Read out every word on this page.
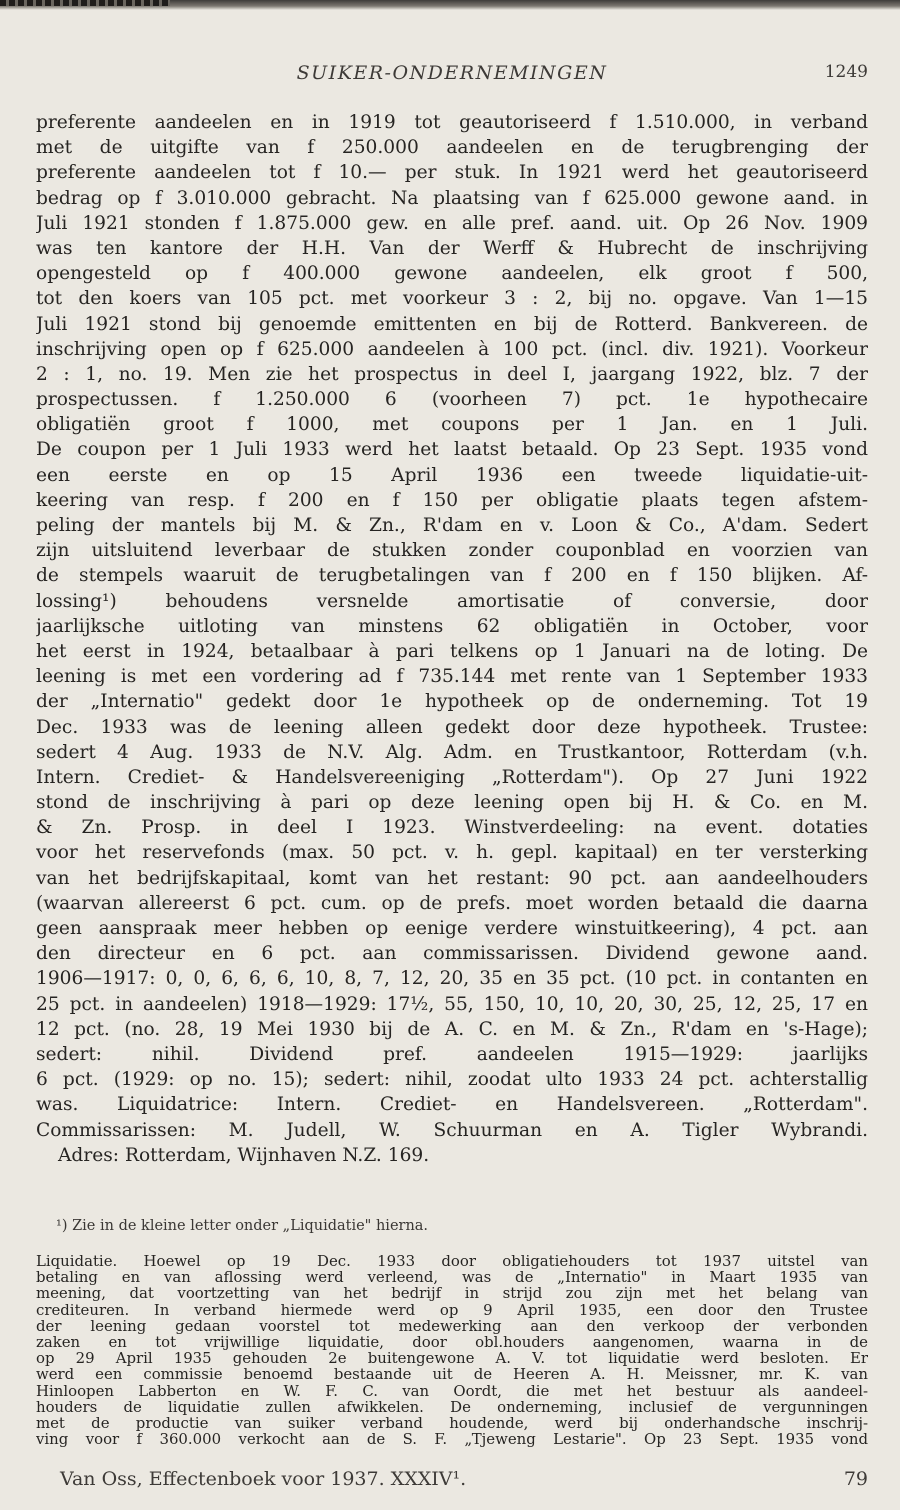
SUIKER-ONDERNEMINGEN	1249
preferente aandeelen en in 1919 tot geautoriseerd f 1.510.000, in verband
met de uitgifte van f 250.000 aandeelen en de terugbrenging der
preferente aandeelen tot f 10.— per stuk. In 1921 werd het geautoriseerd
bedrag op f 3.010.000 gebracht. Na plaatsing van f 625.000 gewone aand. in
Juli 1921 stonden f 1.875.000 gew. en alle pref. aand. uit. Op 26 Nov. 1909
was ten kantore der H.H. Van der Werff & Hubrecht de inschrijving
opengesteld op f 400.000 gewone aandeelen, elk groot f 500,
tot den koers van 105 pct. met voorkeur 3 : 2, bij no. opgave. Van 1—15
Juli 1921 stond bij genoemde emittenten en bij de Rotterd. Bankvereen. de
inschrijving open op f 625.000 aandeelen à 100 pct. (incl. div. 1921). Voorkeur
2 : 1, no. 19. Men zie het prospectus in deel I, jaargang 1922, blz. 7 der
prospectussen. f 1.250.000 6 (voorheen 7) pct. 1e hypothecaire
obligatiën groot f 1000, met coupons per 1 Jan. en 1 Juli.
De coupon per 1 Juli 1933 werd het laatst betaald. Op 23 Sept. 1935 vond
een eerste en op 15 April 1936 een tweede liquidatie-uit-
keering van resp. f 200 en f 150 per obligatie plaats tegen afstem-
peling der mantels bij M. & Zn., R'dam en v. Loon & Co., A'dam. Sedert
zijn uitsluitend leverbaar de stukken zonder couponblad en voorzien van
de stempels waaruit de terugbetalingen van f 200 en f 150 blijken. Af-
lossing¹) behoudens versnelde amortisatie of conversie, door
jaarlijksche uitloting van minstens 62 obligatiën in October, voor
het eerst in 1924, betaalbaar à pari telkens op 1 Januari na de loting. De
leening is met een vordering ad f 735.144 met rente van 1 September 1933
der „Internatio" gedekt door 1e hypotheek op de onderneming. Tot 19
Dec. 1933 was de leening alleen gedekt door deze hypotheek. Trustee:
sedert 4 Aug. 1933 de N.V. Alg. Adm. en Trustkantoor, Rotterdam (v.h.
Intern. Crediet- & Handelsvereeniging „Rotterdam"). Op 27 Juni 1922
stond de inschrijving à pari op deze leening open bij H. & Co. en M.
& Zn. Prosp. in deel I 1923. Winstverdeeling: na event. dotaties
voor het reservefonds (max. 50 pct. v. h. gepl. kapitaal) en ter versterking
van het bedrijfskapitaal, komt van het restant: 90 pct. aan aandeelhouders
(waarvan allereerst 6 pct. cum. op de prefs. moet worden betaald die daarna
geen aanspraak meer hebben op eenige verdere winstuitkeering), 4 pct. aan
den directeur en 6 pct. aan commissarissen. Dividend gewone aand.
1906—1917: 0, 0, 6, 6, 6, 10, 8, 7, 12, 20, 35 en 35 pct. (10 pct. in contanten en
25 pct. in aandeelen) 1918—1929: 17½, 55, 150, 10, 10, 20, 30, 25, 12, 25, 17 en
12 pct. (no. 28, 19 Mei 1930 bij de A. C. en M. & Zn., R'dam en 's-Hage);
sedert: nihil. Dividend pref. aandeelen 1915—1929: jaarlijks
6 pct. (1929: op no. 15); sedert: nihil, zoodat ulto 1933 24 pct. achterstallig
was. Liquidatrice: Intern. Crediet- en Handelsvereen. „Rotterdam".
Commissarissen: M. Judell, W. Schuurman en A. Tigler Wybrandi.
Adres: Rotterdam, Wijnhaven N.Z. 169.
¹) Zie in de kleine letter onder „Liquidatie" hierna.
Liquidatie. Hoewel op 19 Dec. 1933 door obligatiehouders tot 1937 uitstel van
betaling en van aflossing werd verleend, was de „Internatio" in Maart 1935 van
meening, dat voortzetting van het bedrijf in strijd zou zijn met het belang van
crediteuren. In verband hiermede werd op 9 April 1935, een door den Trustee
der leening gedaan voorstel tot medewerking aan den verkoop der verbonden
zaken en tot vrijwillige liquidatie, door obl.houders aangenomen, waarna in de
op 29 April 1935 gehouden 2e buitengewone A. V. tot liquidatie werd besloten. Er
werd een commissie benoemd bestaande uit de Heeren A. H. Meissner, mr. K. van
Hinloopen Labberton en W. F. C. van Oordt, die met het bestuur als aandeel-
houders de liquidatie zullen afwikkelen. De onderneming, inclusief de vergunningen
met de productie van suiker verband houdende, werd bij onderhandsche inschrij-
ving voor f 360.000 verkocht aan de S. F. „Tjeweng Lestarie". Op 23 Sept. 1935 vond
Van Oss, Effectenboek voor 1937. XXXIV¹.	79
